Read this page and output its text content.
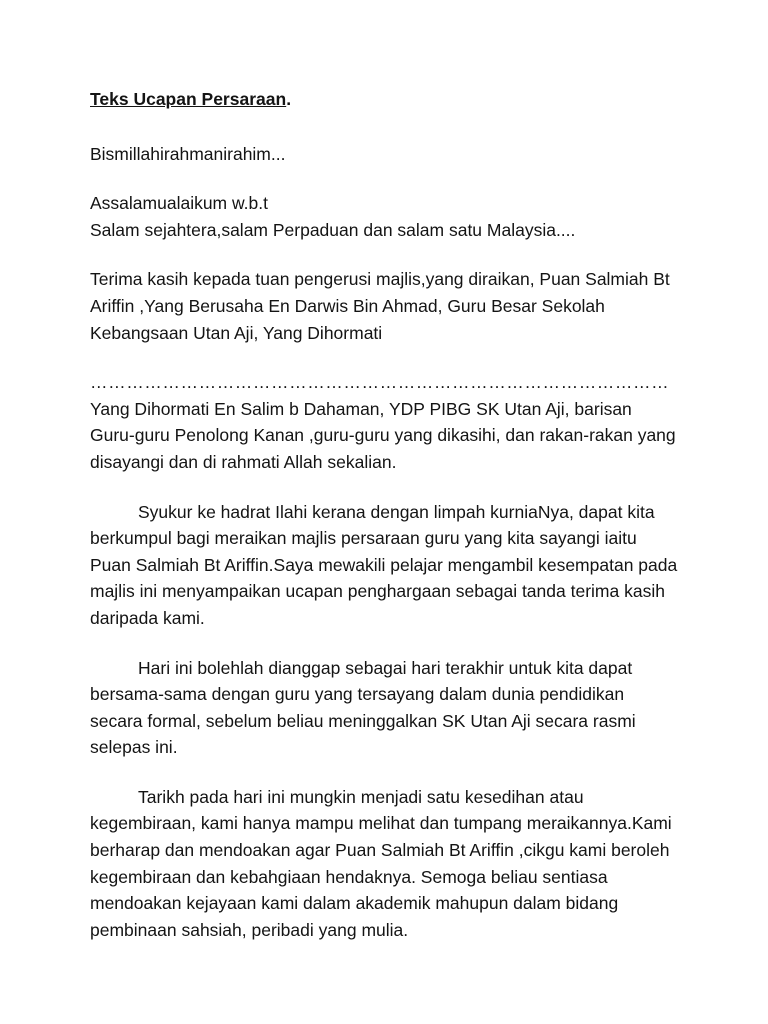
Teks Ucapan Persaraan.

Bismillahirahmanirahim...

Assalamualaikum w.b.t

Salam sejahtera,salam Perpaduan dan salam satu Malaysia....

Terima kasih kepada tuan pengerusi majlis,yang diraikan, Puan Salmiah Bt Ariffin ,Yang Berusaha En Darwis Bin Ahmad, Guru Besar Sekolah Kebangsaan Utan Aji, Yang Dihormati

……………………………………………………………………………………

Yang Dihormati En Salim b Dahaman, YDP PIBG SK Utan Aji, barisan Guru-guru Penolong Kanan ,guru-guru yang dikasihi, dan rakan-rakan yang disayangi dan di rahmati Allah sekalian.

Syukur ke hadrat Ilahi kerana dengan limpah kurniaNya, dapat kita berkumpul bagi meraikan majlis persaraan guru yang kita sayangi iaitu Puan Salmiah Bt Ariffin.Saya mewakili pelajar mengambil kesempatan pada majlis ini menyampaikan ucapan penghargaan sebagai tanda terima kasih daripada kami.

Hari ini bolehlah dianggap sebagai hari terakhir untuk kita dapat bersama-sama dengan guru yang tersayang dalam dunia pendidikan secara formal, sebelum beliau meninggalkan SK Utan Aji secara rasmi selepas ini.

Tarikh pada hari ini mungkin menjadi satu kesedihan atau kegembiraan, kami hanya mampu melihat dan tumpang meraikannya.Kami berharap dan mendoakan agar Puan Salmiah Bt Ariffin ,cikgu kami beroleh kegembiraan dan kebahgiaan hendaknya. Semoga beliau sentiasa mendoakan kejayaan kami dalam akademik mahupun dalam bidang pembinaan sahsiah, peribadi yang mulia.
